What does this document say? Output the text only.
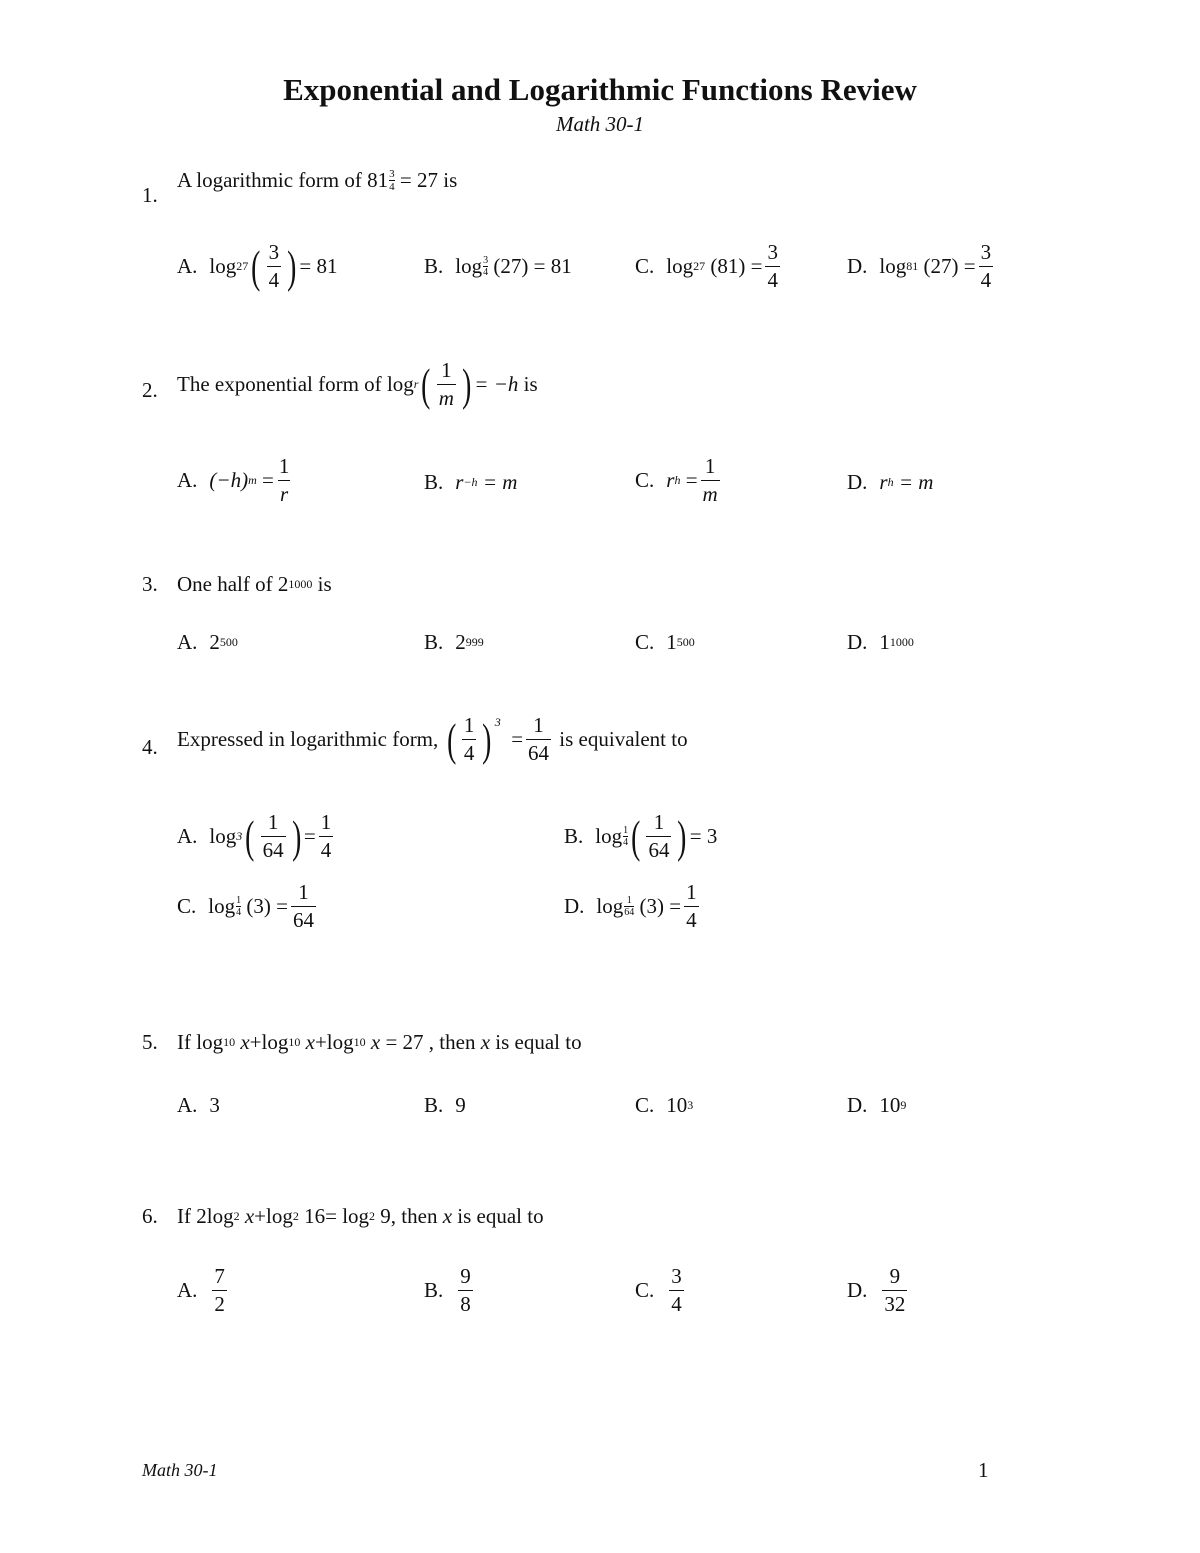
Exponential and Logarithmic Functions Review
Math 30-1
1.
A logarithmic form of
$81 \frac{3}{4}$
= 27
is
A. log 27 ( $\frac{3}{4}$ ) = 81	B. $\log \frac{3}{4}$
(27)
= 81	C. log 27
$(81) = \frac{3}{4}$	D. log 81
$(27) = \frac{3}{4}$
2. The exponential form of
log r ( $\frac{1}{m}$ ) = −h
is
A. (−h) m
= $\frac{1}{r}$	B. r −h
= m	C. r h
= $\frac{1}{m}$	D. r h
= m
3. One half of
2 1000
is
A. 2 500	B. 2 999	C. 1 500	D. 1 1000
4. Expressed in logarithmic form,
( $\frac{1}{4}$ ) $^3$

= $\frac{1}{64}$
is equivalent to
A. log 3 ( $\frac{1}{64}$ ) = $\frac{1}{4}$	B. $\log \frac{1}{4}$ ( $\frac{1}{64}$ ) = 3
C. $\log \frac{1}{4}$
$(3) = \frac{1}{64}$	D. $\log \frac{1}{64}$
$(3) = \frac{1}{4}$
5. If
log 10
x + log 10
x + log 10
x
= 27
, then
x
is equal to
A. 3	B. 9	C. 10 3	D. 10 9
6. If
2 log 2
x + log 2
16 =
log 2
9 , then
x
is equal to
A. $\frac{7}{2}$	B. $\frac{9}{8}$	C. $\frac{3}{4}$	D. $\frac{9}{32}$
Math 30-1	1
